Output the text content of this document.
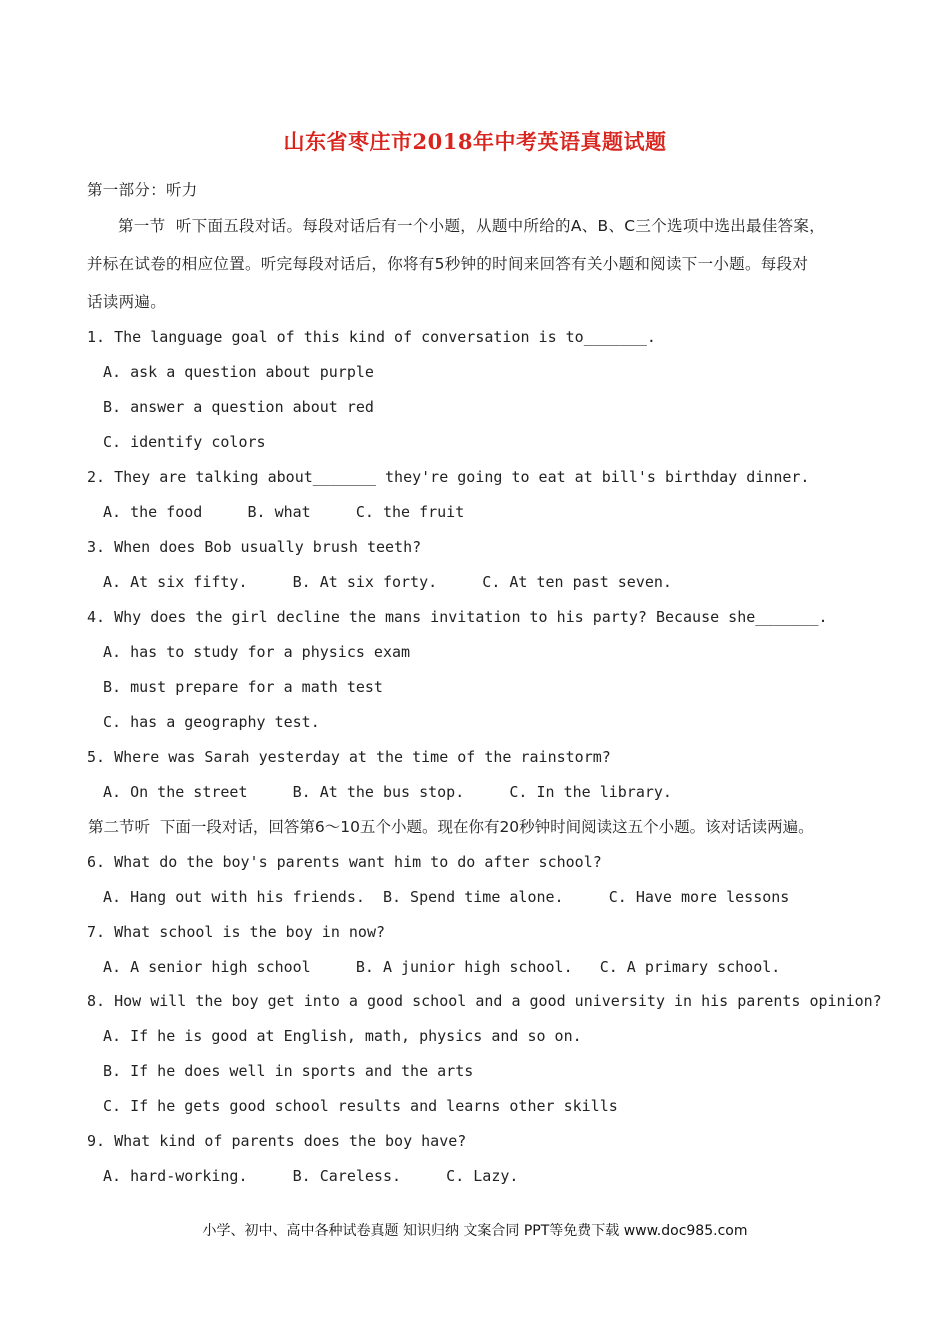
山东省枣庄市2018年中考英语真题试题
第一部分：听力
第一节  听下面五段对话。每段对话后有一个小题，从题中所给的A、B、C三个选项中选出最佳答案，
并标在试卷的相应位置。听完每段对话后，你将有5秒钟的时间来回答有关小题和阅读下一小题。每段对
话读两遍。
1. The language goal of this kind of conversation is to_______.
A. ask a question about purple
B. answer a question about red
C. identify colors
2. They are talking about_______ they're going to eat at bill's birthday dinner.
A. the food     B. what     C. the fruit
3. When does Bob usually brush teeth?
A. At six fifty.     B. At six forty.     C. At ten past seven.
4. Why does the girl decline the mans invitation to his party? Because she_______.
A. has to study for a physics exam
B. must prepare for a math test
C. has a geography test.
5. Where was Sarah yesterday at the time of the rainstorm?
A. On the street     B. At the bus stop.     C. In the library.
第二节听  下面一段对话，回答第6～10五个小题。现在你有20秒钟时间阅读这五个小题。该对话读两遍。
6. What do the boy's parents want him to do after school?
A. Hang out with his friends.  B. Spend time alone.     C. Have more lessons
7. What school is the boy in now?
A. A senior high school     B. A junior high school.   C. A primary school.
8. How will the boy get into a good school and a good university in his parents opinion?
A. If he is good at English, math, physics and so on.
B. If he does well in sports and the arts
C. If he gets good school results and learns other skills
9. What kind of parents does the boy have?
A. hard-working.     B. Careless.     C. Lazy.
小学、初中、高中各种试卷真题 知识归纳 文案合同 PPT等免费下载 www.doc985.com
